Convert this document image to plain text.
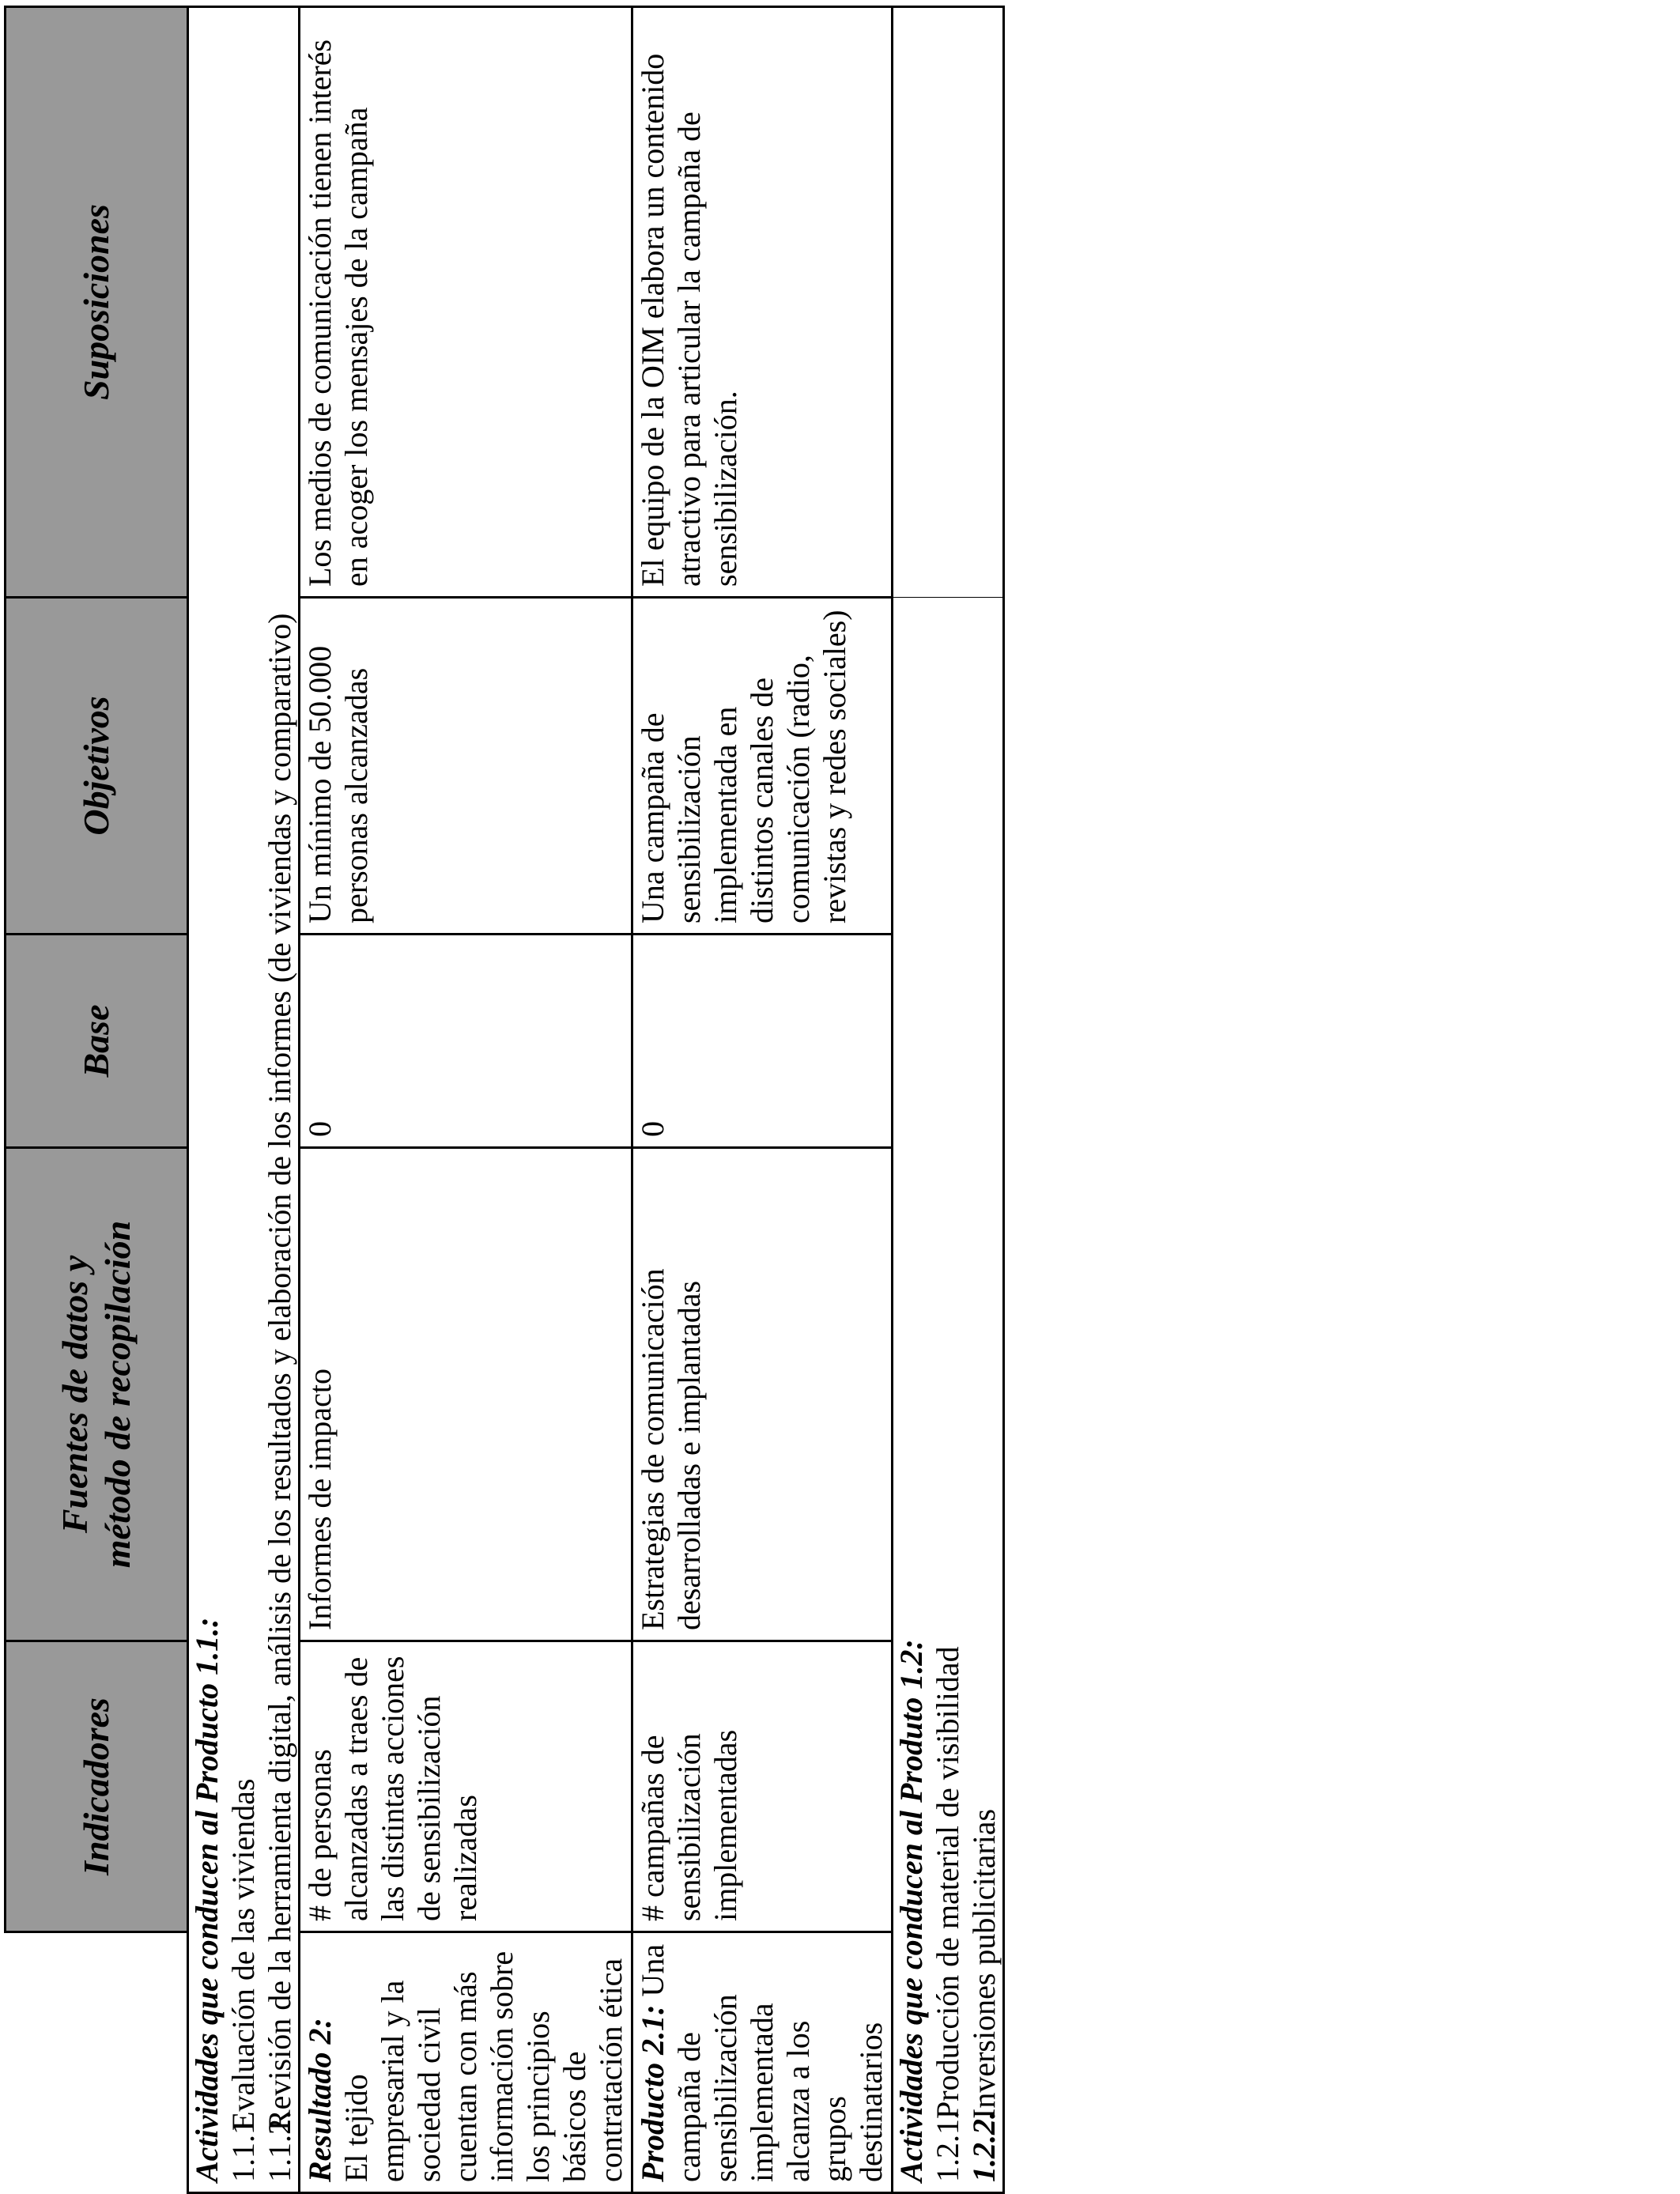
	Indicadores	Fuentes de datos y método de recopilación	Base	Objetivos	Suposiciones

Actividades que conducen al Producto 1.1.: 1.1.1 Evaluación de las viviendas
1.1.2. Revisión de la herramienta digital, análisis de los resultados y elaboración de los informes (de viviendas y comparativo)					

Resultado 2:
El tejido empresarial y la sociedad civil cuentan con más información sobre los principios básicos de contratación ética	# de personas alcanzadas a traes de las distintas acciones de sensibilización realizadas	Informes de impacto	0	Un mínimo de 50.000 personas alcanzadas	Los medios de comunicación tienen interés en acoger los mensajes de la campaña
Producto 2.1: Una campaña de sensibilización implementada alcanza a los grupos destinatarios	# campañas de sensibilización implementadas	Estrategias de comunicación desarrolladas e implantadas	0	Una campaña de sensibilización implementada en distintos canales de comunicación (radio, revistas y redes sociales)	El equipo de la OIM elabora un contenido atractivo para articular la campaña de sensibilización.

Actividades que conducen al Produto 1.2: 1.2.1. Producción de material de visibilidad
1.2.2. Inversiones publicitarias					
